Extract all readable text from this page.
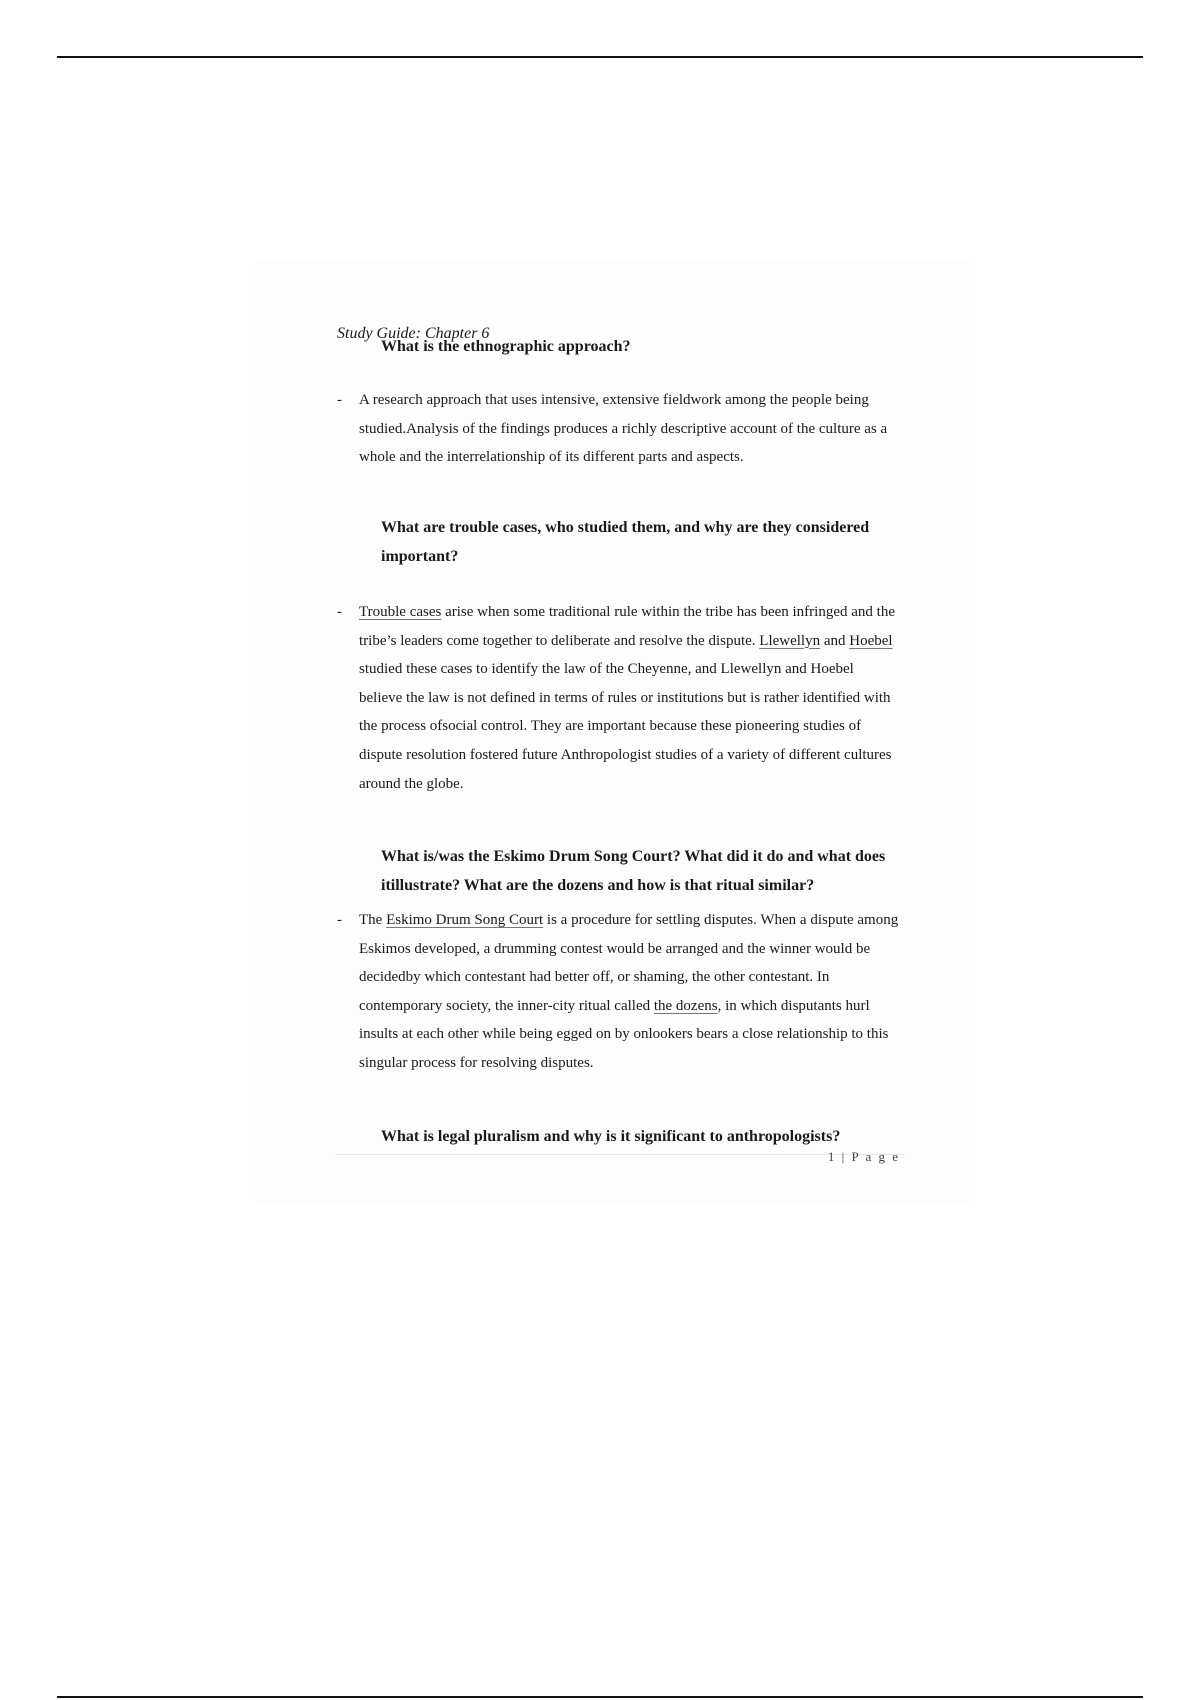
Study Guide: Chapter 6

What is the ethnographic approach?

-	A research approach that uses intensive, extensive fieldwork among the people being studied.Analysis of the findings produces a richly descriptive account of the culture as a whole and the interrelationship of its different parts and aspects.

What are trouble cases, who studied them, and why are they considered important?

-	Trouble cases arise when some traditional rule within the tribe has been infringed and the tribe’s leaders come together to deliberate and resolve the dispute. Llewellyn and Hoebel studied these cases to identify the law of the Cheyenne, and Llewellyn and Hoebel believe the law is not defined in terms of rules or institutions but is rather identified with the process ofsocial control. They are important because these pioneering studies of dispute resolution fostered future Anthropologist studies of a variety of different cultures around the globe.

What is/was the Eskimo Drum Song Court? What did it do and what does itillustrate? What are the dozens and how is that ritual similar?

-	The Eskimo Drum Song Court is a procedure for settling disputes. When a dispute among Eskimos developed, a drumming contest would be arranged and the winner would be decidedby which contestant had better off, or shaming, the other contestant. In contemporary society, the inner-city ritual called the dozens, in which disputants hurl insults at each other while being egged on by onlookers bears a close relationship to this singular process for resolving disputes.

What is legal pluralism and why is it significant to anthropologists?

1 | P a g e
